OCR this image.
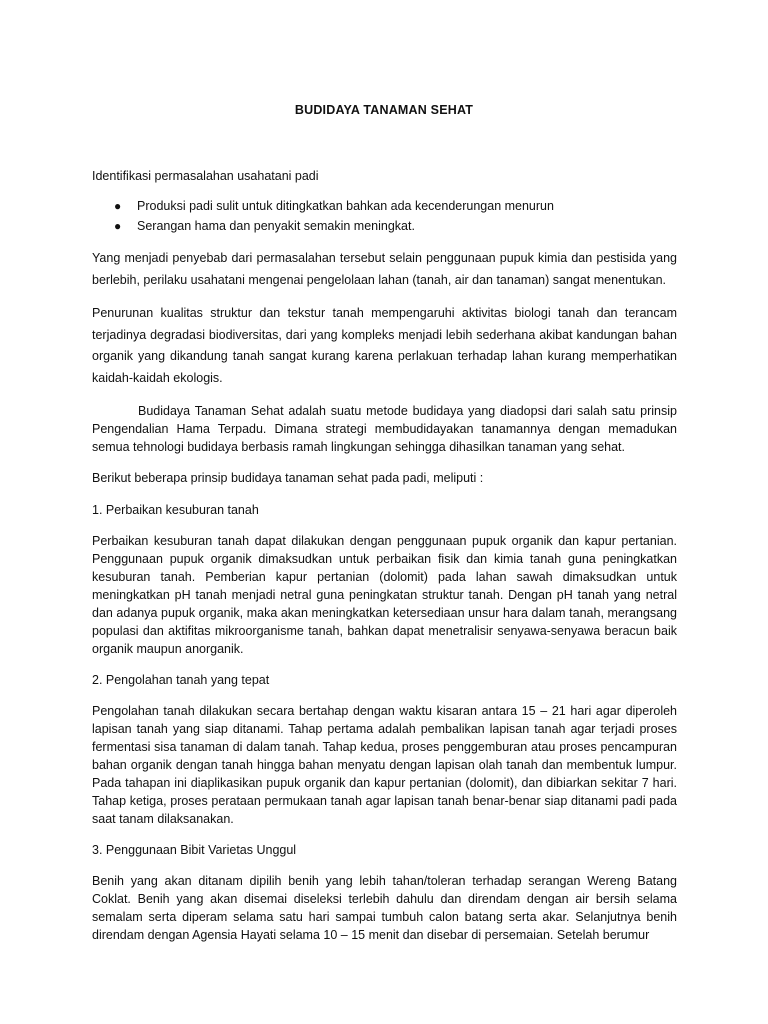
BUDIDAYA TANAMAN SEHAT

Identifikasi permasalahan usahatani padi

● Produksi padi sulit untuk ditingkatkan bahkan ada kecenderungan menurun
● Serangan hama dan penyakit semakin meningkat.

Yang menjadi penyebab dari permasalahan tersebut selain penggunaan pupuk kimia dan pestisida yang berlebih, perilaku usahatani mengenai pengelolaan lahan (tanah, air dan tanaman) sangat menentukan.

Penurunan kualitas struktur dan tekstur tanah mempengaruhi aktivitas biologi tanah dan terancam terjadinya degradasi biodiversitas, dari yang kompleks menjadi lebih sederhana akibat kandungan bahan organik yang dikandung tanah sangat kurang karena perlakuan terhadap lahan kurang memperhatikan kaidah-kaidah ekologis.

Budidaya Tanaman Sehat adalah suatu metode budidaya yang diadopsi dari salah satu prinsip Pengendalian Hama Terpadu. Dimana strategi membudidayakan tanamannya dengan memadukan semua tehnologi budidaya berbasis ramah lingkungan sehingga dihasilkan tanaman yang sehat.

Berikut beberapa prinsip budidaya tanaman sehat pada padi, meliputi :

1. Perbaikan kesuburan tanah

Perbaikan kesuburan tanah dapat dilakukan dengan penggunaan pupuk organik dan kapur pertanian. Penggunaan pupuk organik dimaksudkan untuk perbaikan fisik dan kimia tanah guna peningkatkan kesuburan tanah. Pemberian kapur pertanian (dolomit) pada lahan sawah dimaksudkan untuk meningkatkan pH tanah menjadi netral guna peningkatan struktur tanah. Dengan pH tanah yang netral dan adanya pupuk organik, maka akan meningkatkan ketersediaan unsur hara dalam tanah, merangsang populasi dan aktifitas mikroorganisme tanah, bahkan dapat menetralisir senyawa-senyawa beracun baik organik maupun anorganik.

2. Pengolahan tanah yang tepat

Pengolahan tanah dilakukan secara bertahap dengan waktu kisaran antara 15 – 21 hari agar diperoleh lapisan tanah yang siap ditanami. Tahap pertama adalah pembalikan lapisan tanah agar terjadi proses fermentasi sisa tanaman di dalam tanah. Tahap kedua, proses penggemburan atau proses pencampuran bahan organik dengan tanah hingga bahan menyatu dengan lapisan olah tanah dan membentuk lumpur. Pada tahapan ini diaplikasikan pupuk organik dan kapur pertanian (dolomit), dan dibiarkan sekitar 7 hari. Tahap ketiga, proses perataan permukaan tanah agar lapisan tanah benar-benar siap ditanami padi pada saat tanam dilaksanakan.

3. Penggunaan Bibit Varietas Unggul

Benih yang akan ditanam dipilih benih yang lebih tahan/toleran terhadap serangan Wereng Batang Coklat. Benih yang akan disemai diseleksi terlebih dahulu dan direndam dengan air bersih selama semalam serta diperam selama satu hari sampai tumbuh calon batang serta akar. Selanjutnya benih direndam dengan Agensia Hayati selama 10 – 15 menit dan disebar di persemaian. Setelah berumur
